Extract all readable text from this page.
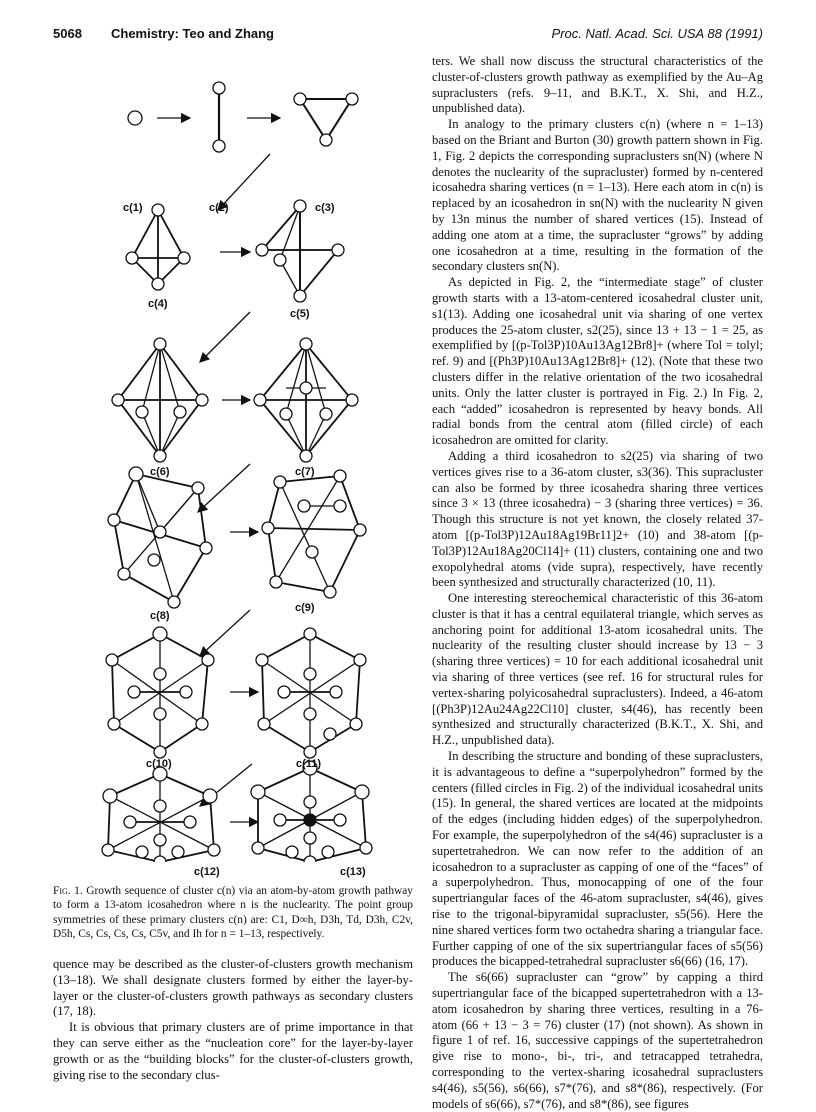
5068 Chemistry: Teo and Zhang	Proc. Natl. Acad. Sci. USA 88 (1991)
c(1)	c(2)	c(3)
c(4)
c(5)
c(6)	c(7)
c(8)
c(9)
c(10)	c(11)
c(12)	c(13)
Fig. 1. Growth sequence of cluster c(n) via an atom-by-atom growth pathway to form a 13-atom icosahedron where n is the nuclearity. The point group symmetries of these primary clusters c(n) are: C1, D∞h, D3h, Td, D3h, C2v, D5h, Cs, Cs, Cs, Cs, C5v, and Ih for n = 1–13, respectively.

quence may be described as the cluster-of-clusters growth mechanism (13–18). We shall designate clusters formed by either the layer-by-layer or the cluster-of-clusters growth pathways as secondary clusters (17, 18).

It is obvious that primary clusters are of prime importance in that they can serve either as the “nucleation core” for the layer-by-layer growth or as the “building blocks” for the cluster-of-clusters growth, giving rise to the secondary clus-

ters. We shall now discuss the structural characteristics of the cluster-of-clusters growth pathway as exemplified by the Au–Ag supraclusters (refs. 9–11, and B.K.T., X. Shi, and H.Z., unpublished data).

In analogy to the primary clusters c(n) (where n = 1–13) based on the Briant and Burton (30) growth pattern shown in Fig. 1, Fig. 2 depicts the corresponding supraclusters sn(N) (where N denotes the nuclearity of the supracluster) formed by n-centered icosahedra sharing vertices (n = 1–13). Here each atom in c(n) is replaced by an icosahedron in sn(N) with the nuclearity N given by 13n minus the number of shared vertices (15). Instead of adding one atom at a time, the supracluster “grows” by adding one icosahedron at a time, resulting in the formation of the secondary clusters sn(N).

As depicted in Fig. 2, the “intermediate stage” of cluster growth starts with a 13-atom-centered icosahedral cluster unit, s1(13). Adding one icosahedral unit via sharing of one vertex produces the 25-atom cluster, s2(25), since 13 + 13 − 1 = 25, as exemplified by [(p-Tol3P)10Au13Ag12Br8]+ (where Tol = tolyl; ref. 9) and [(Ph3P)10Au13Ag12Br8]+ (12). (Note that these two clusters differ in the relative orientation of the two icosahedral units. Only the latter cluster is portrayed in Fig. 2.) In Fig. 2, each “added” icosahedron is represented by heavy bonds. All radial bonds from the central atom (filled circle) of each icosahedron are omitted for clarity.

Adding a third icosahedron to s2(25) via sharing of two vertices gives rise to a 36-atom cluster, s3(36). This supracluster can also be formed by three icosahedra sharing three vertices since 3 × 13 (three icosahedra) − 3 (sharing three vertices) = 36. Though this structure is not yet known, the closely related 37-atom [(p-Tol3P)12Au18Ag19Br11]2+ (10) and 38-atom [(p-Tol3P)12Au18Ag20Cl14]+ (11) clusters, containing one and two exopolyhedral atoms (vide supra), respectively, have recently been synthesized and structurally characterized (10, 11).

One interesting stereochemical characteristic of this 36-atom cluster is that it has a central equilateral triangle, which serves as anchoring point for additional 13-atom icosahedral units. The nuclearity of the resulting cluster should increase by 13 − 3 (sharing three vertices) = 10 for each additional icosahedral unit via sharing of three vertices (see ref. 16 for structural rules for vertex-sharing polyicosahedral supraclusters). Indeed, a 46-atom [(Ph3P)12Au24Ag22Cl10] cluster, s4(46), has recently been synthesized and structurally characterized (B.K.T., X. Shi, and H.Z., unpublished data).

In describing the structure and bonding of these supraclusters, it is advantageous to define a “superpolyhedron” formed by the centers (filled circles in Fig. 2) of the individual icosahedral units (15). In general, the shared vertices are located at the midpoints of the edges (including hidden edges) of the superpolyhedron. For example, the superpolyhedron of the s4(46) supracluster is a supertetrahedron. We can now refer to the addition of an icosahedron to a supracluster as capping of one of the “faces” of a superpolyhedron. Thus, monocapping of one of the four supertriangular faces of the 46-atom supracluster, s4(46), gives rise to the trigonal-bipyramidal supracluster, s5(56). Here the nine shared vertices form two octahedra sharing a triangular face. Further capping of one of the six supertriangular faces of s5(56) produces the bicapped-tetrahedral supracluster s6(66) (16, 17).

The s6(66) supracluster can “grow” by capping a third supertriangular face of the bicapped supertetrahedron with a 13-atom icosahedron by sharing three vertices, resulting in a 76-atom (66 + 13 − 3 = 76) cluster (17) (not shown). As shown in figure 1 of ref. 16, successive cappings of the supertetrahedron give rise to mono-, bi-, tri-, and tetracapped tetrahedra, corresponding to the vertex-sharing icosahedral supraclusters s4(46), s5(56), s6(66), s7*(76), and s8*(86), respectively. (For models of s6(66), s7*(76), and s8*(86), see figures
